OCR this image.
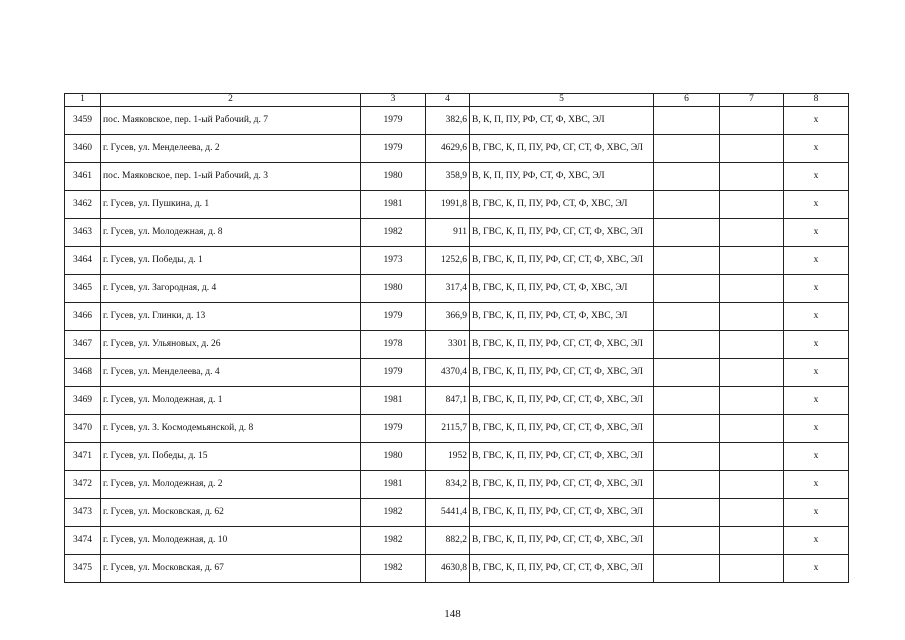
1	2	3	4	5	6	7	8
3459	пос. Маяковское, пер. 1-ый Рабочий, д. 7	1979	382,6	В, К, П, ПУ, РФ, СТ, Ф, ХВС, ЭЛ			х
3460	г. Гусев, ул. Менделеева, д. 2	1979	4629,6	В, ГВС, К, П, ПУ, РФ, СГ, СТ, Ф, ХВС, ЭЛ			х
3461	пос. Маяковское, пер. 1-ый Рабочий, д. 3	1980	358,9	В, К, П, ПУ, РФ, СТ, Ф, ХВС, ЭЛ			х
3462	г. Гусев, ул. Пушкина, д. 1	1981	1991,8	В, ГВС, К, П, ПУ, РФ, СТ, Ф, ХВС, ЭЛ			х
3463	г. Гусев, ул. Молодежная, д. 8	1982	911	В, ГВС, К, П, ПУ, РФ, СГ, СТ, Ф, ХВС, ЭЛ			х
3464	г. Гусев, ул. Победы, д. 1	1973	1252,6	В, ГВС, К, П, ПУ, РФ, СГ, СТ, Ф, ХВС, ЭЛ			х
3465	г. Гусев, ул. Загородная, д. 4	1980	317,4	В, ГВС, К, П, ПУ, РФ, СТ, Ф, ХВС, ЭЛ			х
3466	г. Гусев, ул. Глинки, д. 13	1979	366,9	В, ГВС, К, П, ПУ, РФ, СТ, Ф, ХВС, ЭЛ			х
3467	г. Гусев, ул. Ульяновых, д. 26	1978	3301	В, ГВС, К, П, ПУ, РФ, СГ, СТ, Ф, ХВС, ЭЛ			х
3468	г. Гусев, ул. Менделеева, д. 4	1979	4370,4	В, ГВС, К, П, ПУ, РФ, СГ, СТ, Ф, ХВС, ЭЛ			х
3469	г. Гусев, ул. Молодежная, д. 1	1981	847,1	В, ГВС, К, П, ПУ, РФ, СГ, СТ, Ф, ХВС, ЭЛ			х
3470	г. Гусев, ул. З. Космодемьянской, д. 8	1979	2115,7	В, ГВС, К, П, ПУ, РФ, СГ, СТ, Ф, ХВС, ЭЛ			х
3471	г. Гусев, ул. Победы, д. 15	1980	1952	В, ГВС, К, П, ПУ, РФ, СГ, СТ, Ф, ХВС, ЭЛ			х
3472	г. Гусев, ул. Молодежная, д. 2	1981	834,2	В, ГВС, К, П, ПУ, РФ, СГ, СТ, Ф, ХВС, ЭЛ			х
3473	г. Гусев, ул. Московская, д. 62	1982	5441,4	В, ГВС, К, П, ПУ, РФ, СГ, СТ, Ф, ХВС, ЭЛ			х
3474	г. Гусев, ул. Молодежная, д. 10	1982	882,2	В, ГВС, К, П, ПУ, РФ, СГ, СТ, Ф, ХВС, ЭЛ			х
3475	г. Гусев, ул. Московская, д. 67	1982	4630,8	В, ГВС, К, П, ПУ, РФ, СГ, СТ, Ф, ХВС, ЭЛ			х
148
